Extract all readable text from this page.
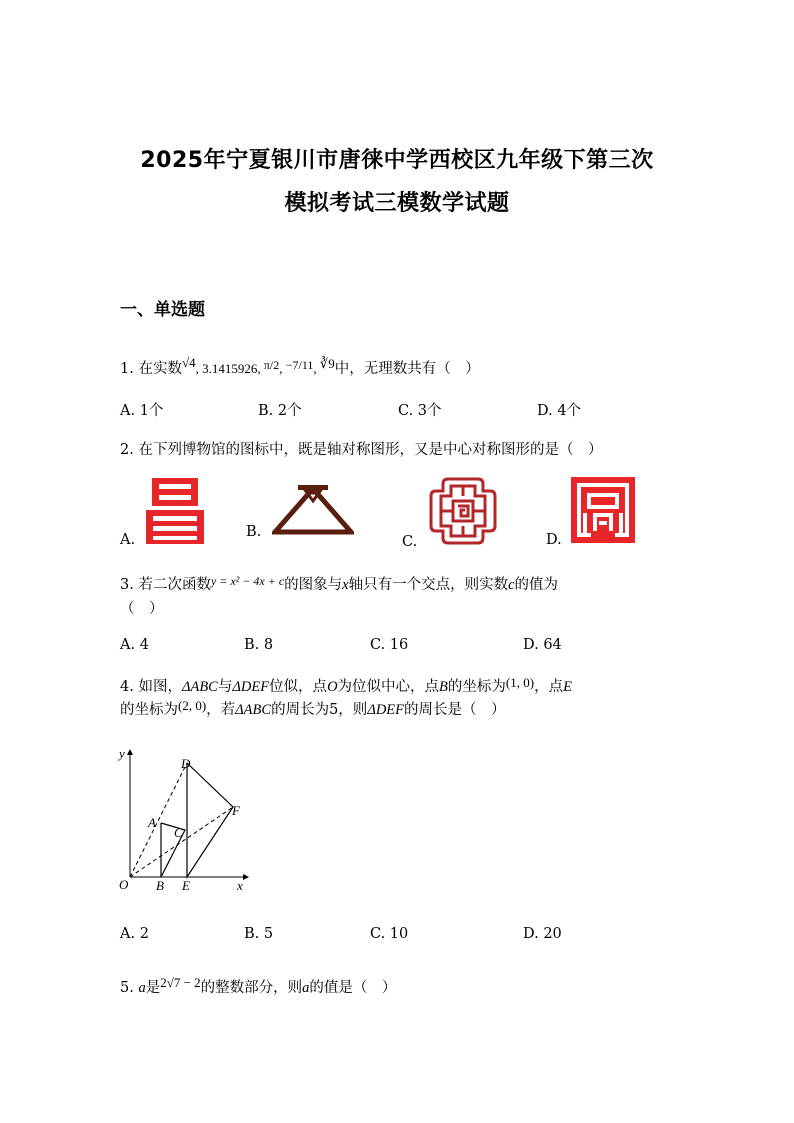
2025年宁夏银川市唐徕中学西校区九年级下第三次
模拟考试三模数学试题
一、单选题
1. 在实数√4, 3.1415926, $^{\pi/2}$, $^{-7/11}$, ∛9中，无理数共有（　）
A. 1个	B. 2个	C. 3个	D. 4个
2. 在下列博物馆的图标中，既是轴对称图形，又是中心对称图形的是（　）
A.	B.
C.	D.
3. 若二次函数$^{y = x^2 - 4x + c}$的图象与x轴只有一个交点，则实数c的值为
（　）
A. 4	B. 8	C. 16	D. 64
4. 如图，ΔABC与ΔDEF位似，点O为位似中心，点B的坐标为(1, 0)，点E
的坐标为(2, 0)，若ΔABC的周长为5，则ΔDEF的周长是（　）
y
x
O
A
B
C
D
E
F
A. 2	B. 5	C. 10	D. 20
5. a是2√7 − 2的整数部分，则a的值是（　）
